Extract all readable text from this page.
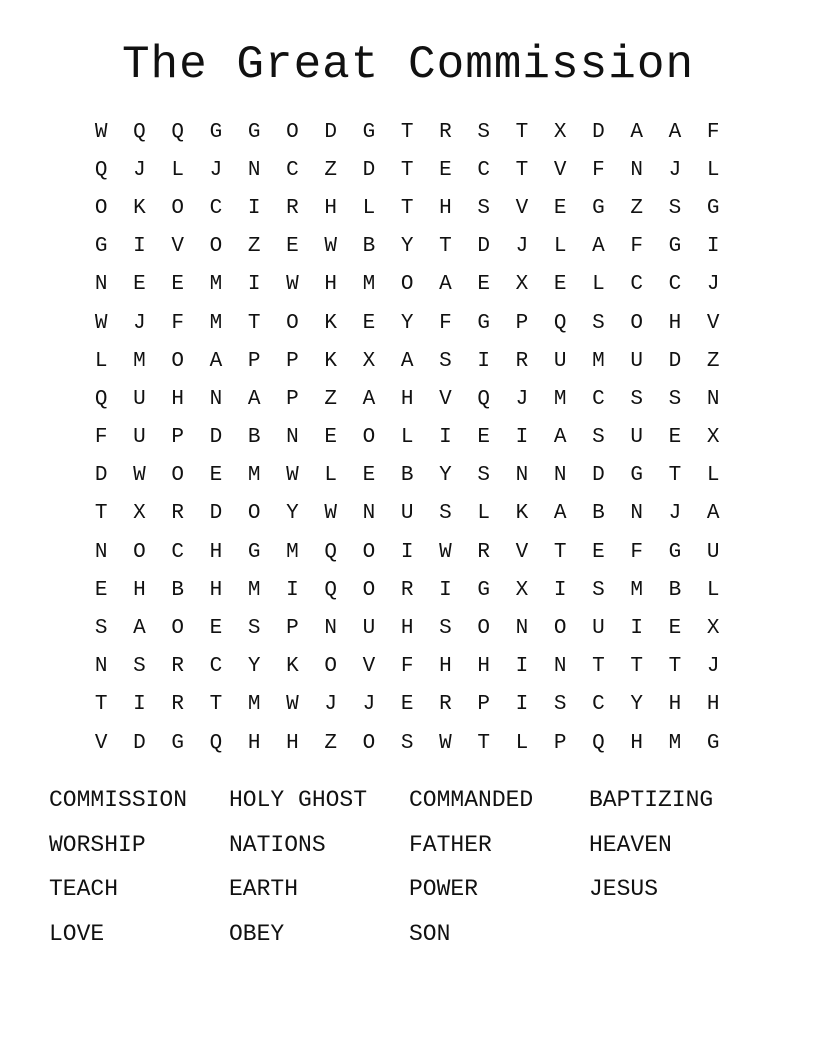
The Great Commission
W	Q	Q	G	G	O	D	G	T	R	S	T	X	D	A	A	F
Q	J	L	J	N	C	Z	D	T	E	C	T	V	F	N	J	L
O	K	O	C	I	R	H	L	T	H	S	V	E	G	Z	S	G
G	I	V	O	Z	E	W	B	Y	T	D	J	L	A	F	G	I
N	E	E	M	I	W	H	M	O	A	E	X	E	L	C	C	J
W	J	F	M	T	O	K	E	Y	F	G	P	Q	S	O	H	V
L	M	O	A	P	P	K	X	A	S	I	R	U	M	U	D	Z
Q	U	H	N	A	P	Z	A	H	V	Q	J	M	C	S	S	N
F	U	P	D	B	N	E	O	L	I	E	I	A	S	U	E	X
D	W	O	E	M	W	L	E	B	Y	S	N	N	D	G	T	L
T	X	R	D	O	Y	W	N	U	S	L	K	A	B	N	J	A
N	O	C	H	G	M	Q	O	I	W	R	V	T	E	F	G	U
E	H	B	H	M	I	Q	O	R	I	G	X	I	S	M	B	L
S	A	O	E	S	P	N	U	H	S	O	N	O	U	I	E	X
N	S	R	C	Y	K	O	V	F	H	H	I	N	T	T	T	J
T	I	R	T	M	W	J	J	E	R	P	I	S	C	Y	H	H
V	D	G	Q	H	H	Z	O	S	W	T	L	P	Q	H	M	G
COMMISSION	HOLY GHOST	COMMANDED	BAPTIZING
WORSHIP	NATIONS	FATHER	HEAVEN
TEACH	EARTH	POWER	JESUS
LOVE	OBEY	SON
